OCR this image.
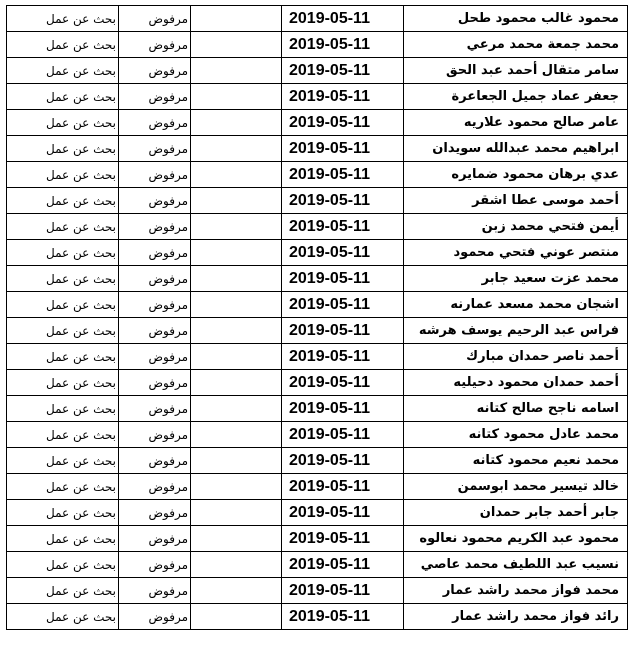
محمود غالب محمود طحل	2019-05-11		مرفوض	بحث عن عمل
محمد جمعة محمد مرعي	2019-05-11		مرفوض	بحث عن عمل
سامر متقال أحمد عبد الحق	2019-05-11		مرفوض	بحث عن عمل
جعفر عماد جميل الجعاعرة	2019-05-11		مرفوض	بحث عن عمل
عامر صالح محمود علاريه	2019-05-11		مرفوض	بحث عن عمل
ابراهيم محمد عبدالله سويدان	2019-05-11		مرفوض	بحث عن عمل
عدي برهان محمود ضمايره	2019-05-11		مرفوض	بحث عن عمل
أحمد موسى عطا اشقر	2019-05-11		مرفوض	بحث عن عمل
أيمن فتحي محمد زبن	2019-05-11		مرفوض	بحث عن عمل
منتصر عوني فتحي محمود	2019-05-11		مرفوض	بحث عن عمل
محمد عزت سعيد جابر	2019-05-11		مرفوض	بحث عن عمل
اشجان محمد مسعد عمارنه	2019-05-11		مرفوض	بحث عن عمل
فراس عبد الرحيم يوسف هرشه	2019-05-11		مرفوض	بحث عن عمل
أحمد ناصر حمدان مبارك	2019-05-11		مرفوض	بحث عن عمل
أحمد حمدان محمود دحيليه	2019-05-11		مرفوض	بحث عن عمل
اسامه ناجح صالح كتانه	2019-05-11		مرفوض	بحث عن عمل
محمد عادل محمود كتانه	2019-05-11		مرفوض	بحث عن عمل
محمد نعيم محمود كتانه	2019-05-11		مرفوض	بحث عن عمل
خالد تيسير محمد ابوسمن	2019-05-11		مرفوض	بحث عن عمل
جابر أحمد جابر حمدان	2019-05-11		مرفوض	بحث عن عمل
محمود عبد الكريم محمود نعالوه	2019-05-11		مرفوض	بحث عن عمل
نسيب عبد اللطيف محمد عاصي	2019-05-11		مرفوض	بحث عن عمل
محمد فواز محمد راشد عمار	2019-05-11		مرفوض	بحث عن عمل
رائد فواز محمد راشد عمار	2019-05-11		مرفوض	بحث عن عمل
